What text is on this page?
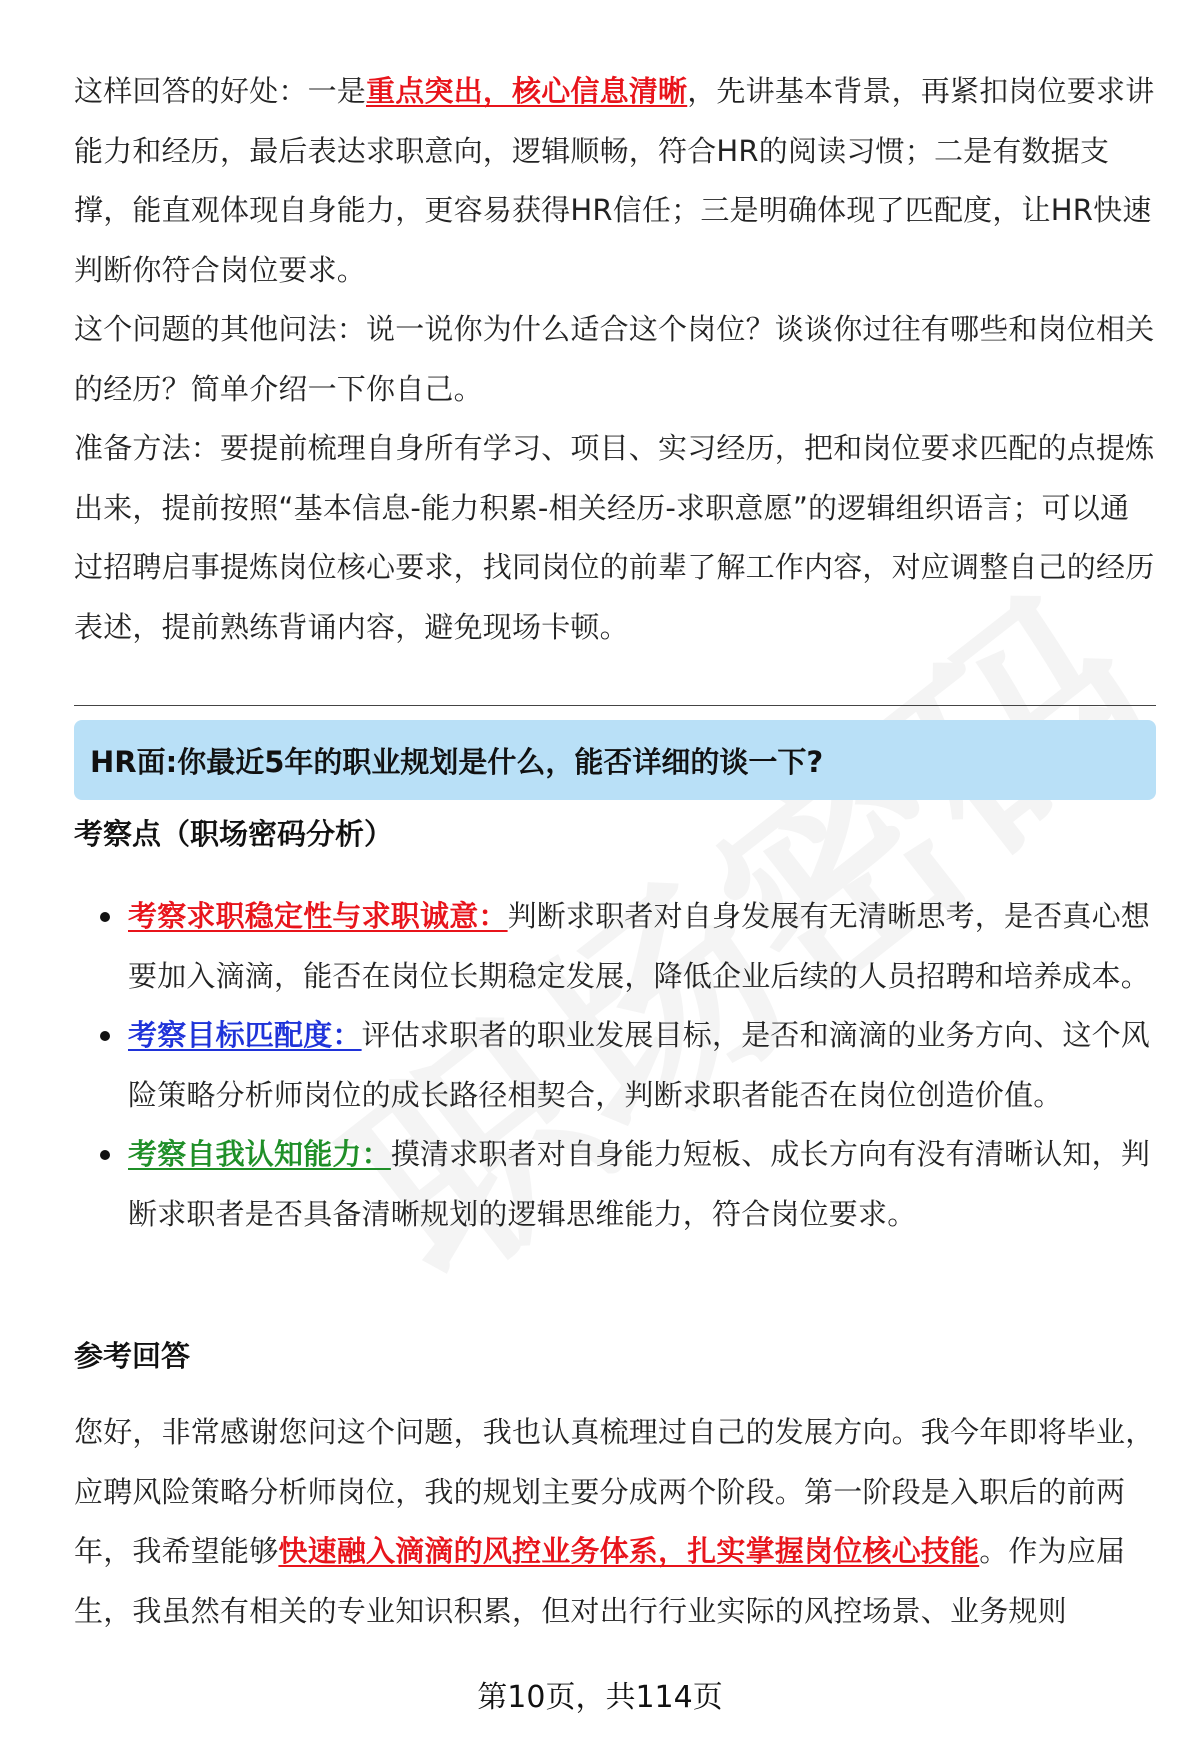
这样回答的好处：一是重点突出，核心信息清晰，先讲基本背景，再紧扣岗位要求讲能力和经历，最后表达求职意向，逻辑顺畅，符合HR的阅读习惯；二是有数据支撑，能直观体现自身能力，更容易获得HR信任；三是明确体现了匹配度，让HR快速判断你符合岗位要求。

这个问题的其他问法：说一说你为什么适合这个岗位？谈谈你过往有哪些和岗位相关的经历？简单介绍一下你自己。

准备方法：要提前梳理自身所有学习、项目、实习经历，把和岗位要求匹配的点提炼出来，提前按照“基本信息-能力积累-相关经历-求职意愿”的逻辑组织语言；可以通过招聘启事提炼岗位核心要求，找同岗位的前辈了解工作内容，对应调整自己的经历表述，提前熟练背诵内容，避免现场卡顿。

HR面:你最近5年的职业规划是什么，能否详细的谈一下?
考察点（职场密码分析）

考察求职稳定性与求职诚意：判断求职者对自身发展有无清晰思考，是否真心想要加入滴滴，能否在岗位长期稳定发展，降低企业后续的人员招聘和培养成本。

考察目标匹配度：评估求职者的职业发展目标，是否和滴滴的业务方向、这个风险策略分析师岗位的成长路径相契合，判断求职者能否在岗位创造价值。

考察自我认知能力：摸清求职者对自身能力短板、成长方向有没有清晰认知，判断求职者是否具备清晰规划的逻辑思维能力，符合岗位要求。

参考回答

您好，非常感谢您问这个问题，我也认真梳理过自己的发展方向。我今年即将毕业，应聘风险策略分析师岗位，我的规划主要分成两个阶段。第一阶段是入职后的前两年，我希望能够快速融入滴滴的风控业务体系，扎实掌握岗位核心技能。作为应届生，我虽然有相关的专业知识积累，但对出行行业实际的风控场景、业务规则

第10页，共114页
